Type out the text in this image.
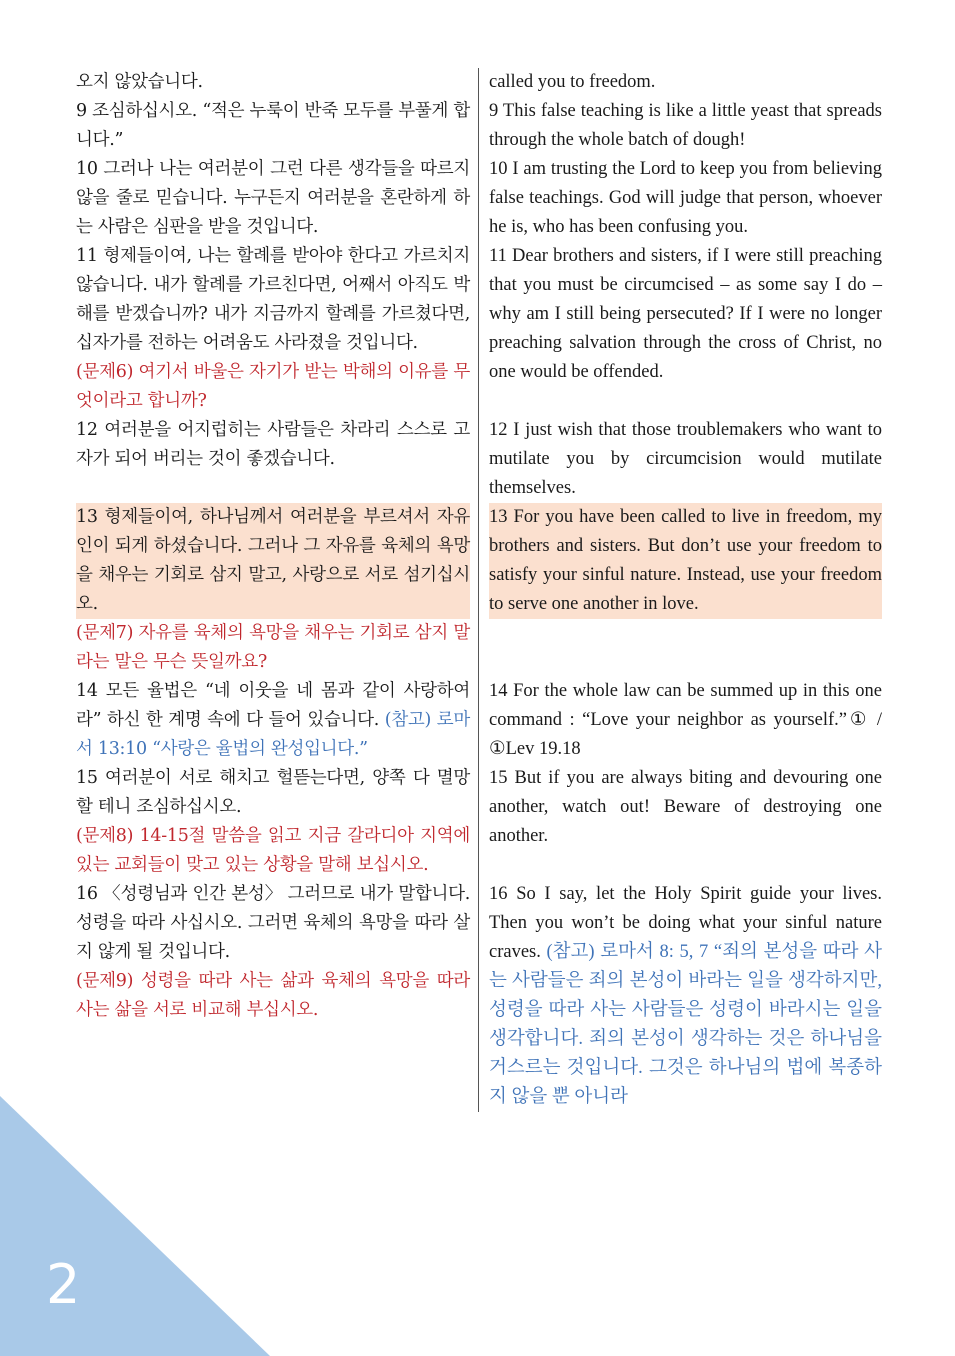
오지 않았습니다.	called you to freedom.
9 조심하십시오. “적은 누룩이 반죽 모두를 부풀게 합니다.”
9 This false teaching is like a little yeast that spreads through the whole batch of dough!
10 그러나 나는 여러분이 그런 다른 생각들을 따르지 않을 줄로 믿습니다. 누구든지 여러분을 혼란하게 하는 사람은 심판을 받을 것입니다.
10 I am trusting the Lord to keep you from believing false teachings. God will judge that person, whoever he is, who has been confusing you.
11 형제들이여, 나는 할례를 받아야 한다고 가르치지 않습니다. 내가 할례를 가르친다면, 어째서 아직도 박해를 받겠습니까? 내가 지금까지 할례를 가르쳤다면, 십자가를 전하는 어려움도 사라졌을 것입니다.
(문제6) 여기서 바울은 자기가 받는 박해의 이유를 무엇이라고 합니까?
11 Dear brothers and sisters, if I were still preaching that you must be circumcised – as some say I do – why am I still being persecuted? If I were no longer preaching salvation through the cross of Christ, no one would be offended.
12 여러분을 어지럽히는 사람들은 차라리 스스로 고자가 되어 버리는 것이 좋겠습니다.
12 I just wish that those troublemakers who want to mutilate you by circumcision would mutilate themselves.
13 형제들이여, 하나님께서 여러분을 부르셔서 자유인이 되게 하셨습니다. 그러나 그 자유를 육체의 욕망을 채우는 기회로 삼지 말고, 사랑으로 서로 섬기십시오.
(문제7) 자유를 육체의 욕망을 채우는 기회로 삼지 말라는 말은 무슨 뜻일까요?
13 For you have been called to live in freedom, my brothers and sisters. But don’t use your freedom to satisfy your sinful nature. Instead, use your freedom to serve one another in love.
14 모든 율법은 “네 이웃을 네 몸과 같이 사랑하여라” 하신 한 계명 속에 다 들어 있습니다. (참고) 로마서 13:10 “사랑은 율법의 완성입니다.”
14 For the whole law can be summed up in this one command : “Love your neighbor as yourself.”① / ①Lev 19.18
15 여러분이 서로 해치고 헐뜯는다면, 양쪽 다 멸망할 테니 조심하십시오.
(문제8) 14-15절 말씀을 읽고 지금 갈라디아 지역에 있는 교회들이 맞고 있는 상황을 말해 보십시오.
15 But if you are always biting and devouring one another, watch out! Beware of destroying one another.
16 〈성령님과 인간 본성〉 그러므로 내가 말합니다. 성령을 따라 사십시오. 그러면 육체의 욕망을 따라 살지 않게 될 것입니다.
(문제9) 성령을 따라 사는 삶과 육체의 욕망을 따라 사는 삶을 서로 비교해 부십시오.
16 So I say, let the Holy Spirit guide your lives. Then you won’t be doing what your sinful nature craves. (참고) 로마서 8: 5, 7 “죄의 본성을 따라 사는 사람들은 죄의 본성이 바라는 일을 생각하지만, 성령을 따라 사는 사람들은 성령이 바라시는 일을 생각합니다. 죄의 본성이 생각하는 것은 하나님을 거스르는 것입니다. 그것은 하나님의 법에 복종하지 않을 뿐 아니라
2
